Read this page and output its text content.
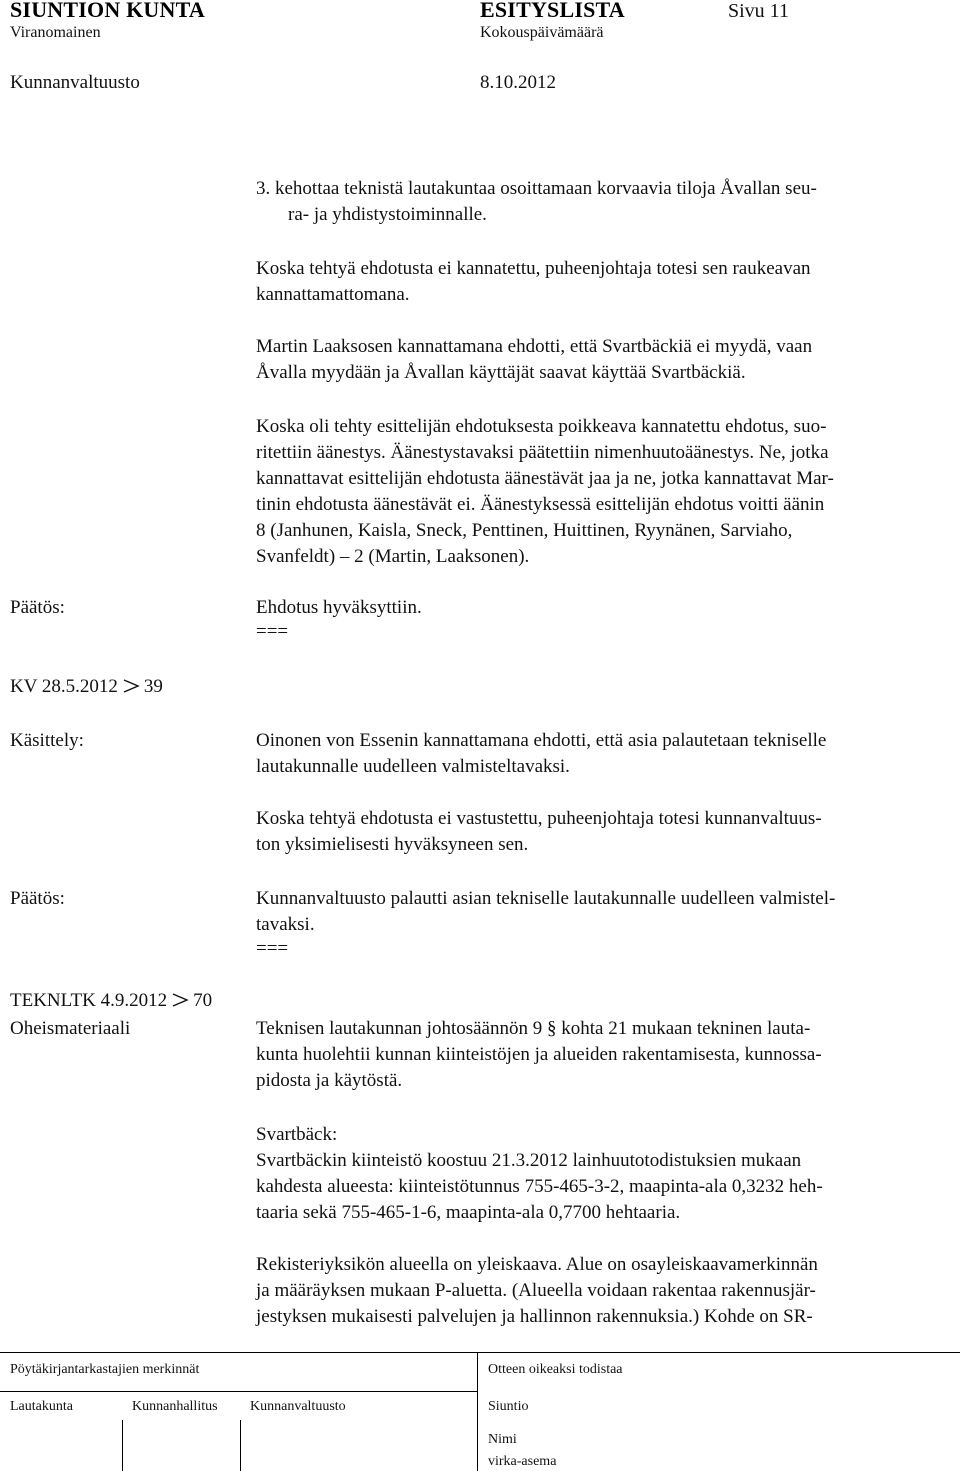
SIUNTION KUNTA	ESITYSLISTA	Sivu 11
Viranomainen	Kokouspäivämäärä
Kunnanvaltuusto	8.10.2012
3. kehottaa teknistä lautakuntaa osoittamaan korvaavia tiloja Åvallan seu-
ra- ja yhdistystoiminnalle.
Koska tehtyä ehdotusta ei kannatettu, puheenjohtaja totesi sen raukeavan
kannattamattomana.
Martin Laaksosen kannattamana ehdotti, että Svartbäckiä ei myydä, vaan
Åvalla myydään ja Åvallan käyttäjät saavat käyttää Svartbäckiä.
Koska oli tehty esittelijän ehdotuksesta poikkeava kannatettu ehdotus, suo-
ritettiin äänestys. Äänestystavaksi päätettiin nimenhuutoäänestys. Ne, jotka
kannattavat esittelijän ehdotusta äänestävät jaa ja ne, jotka kannattavat Mar-
tinin ehdotusta äänestävät ei. Äänestyksessä esittelijän ehdotus voitti äänin
8 (Janhunen, Kaisla, Sneck, Penttinen, Huittinen, Ryynänen, Sarviaho,
Svanfeldt) – 2 (Martin, Laaksonen).
Päätös:	Ehdotus hyväksyttiin.
===
KV 28.5.2012 39
Käsittely:	Oinonen von Essenin kannattamana ehdotti, että asia palautetaan tekniselle
lautakunnalle uudelleen valmisteltavaksi.
Koska tehtyä ehdotusta ei vastustettu, puheenjohtaja totesi kunnanvaltuus-
ton yksimielisesti hyväksyneen sen.
Päätös:	Kunnanvaltuusto palautti asian tekniselle lautakunnalle uudelleen valmistel-
tavaksi.
===
TEKNLTK 4.9.2012 70
Oheismateriaali	Teknisen lautakunnan johtosäännön 9 § kohta 21 mukaan tekninen lauta-
kunta huolehtii kunnan kiinteistöjen ja alueiden rakentamisesta, kunnossa-
pidosta ja käytöstä.
Svartbäck:
Svartbäckin kiinteistö koostuu 21.3.2012 lainhuutotodistuksien mukaan
kahdesta alueesta: kiinteistötunnus 755-465-3-2, maapinta-ala 0,3232 heh-
taaria sekä 755-465-1-6, maapinta-ala 0,7700 hehtaaria.
Rekisteriyksikön alueella on yleiskaava. Alue on osayleiskaavamerkinnän
ja määräyksen mukaan P-aluetta. (Alueella voidaan rakentaa rakennusjär-
jestyksen mukaisesti palvelujen ja hallinnon rakennuksia.) Kohde on SR-
Pöytäkirjantarkastajien merkinnät	Otteen oikeaksi todistaa
Lautakunta	Kunnanhallitus Kunnanvaltuusto	Siuntio
Nimi
virka-asema
